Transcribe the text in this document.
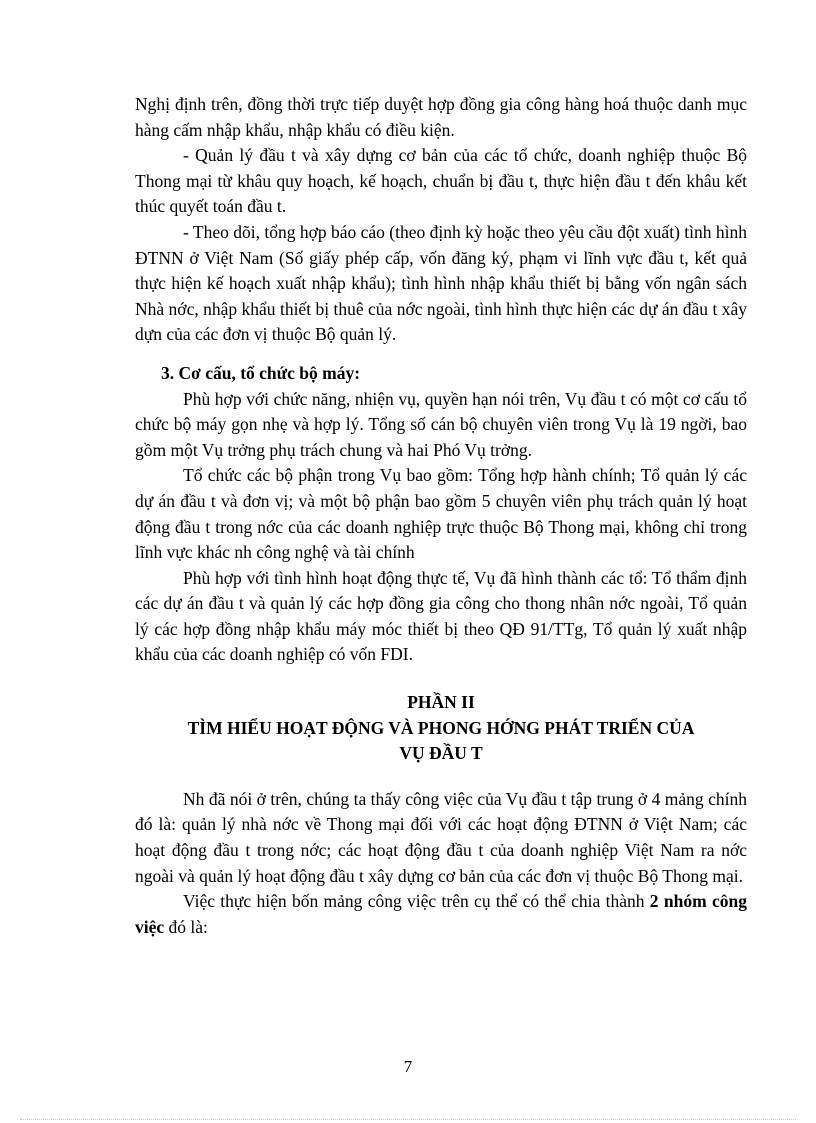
Nghị định trên, đồng thời trực tiếp duyệt hợp đồng gia công hàng hoá thuộc danh mục hàng cấm nhập khẩu, nhập khẩu có điều kiện.

- Quản lý đầu t và xây dựng cơ bản của các tổ chức, doanh nghiệp thuộc Bộ Thong mại từ khâu quy hoạch, kế hoạch, chuẩn bị đầu t, thực hiện đầu t đến khâu kết thúc quyết toán đầu t.

- Theo dõi, tổng hợp báo cáo (theo định kỳ hoặc theo yêu cầu đột xuất) tình hình ĐTNN ở Việt Nam (Số giấy phép cấp, vốn đăng ký, phạm vi lĩnh vực đầu t, kết quả thực hiện kế hoạch xuất nhập khẩu); tình hình nhập khẩu thiết bị bằng vốn ngân sách Nhà nớc, nhập khẩu thiết bị thuê của nớc ngoài, tình hình thực hiện các dự án đầu t xây dựn của các đơn vị thuộc Bộ quản lý.

3. Cơ cấu, tổ chức bộ máy:

Phù hợp với chức năng, nhiện vụ, quyền hạn nói trên, Vụ đầu t có một cơ cấu tổ chức bộ máy gọn nhẹ và hợp lý. Tổng số cán bộ chuyên viên trong Vụ là 19 ngời, bao gồm một Vụ trởng phụ trách chung và hai Phó Vụ trởng.

Tổ chức các bộ phận trong Vụ bao gồm: Tổng hợp hành chính; Tổ quản lý các dự án đầu t và đơn vị; và một bộ phận bao gồm 5 chuyên viên phụ trách quản lý hoạt động đầu t trong nớc của các doanh nghiệp trực thuộc Bộ Thong mại, không chỉ trong lĩnh vực khác nh công nghệ và tài chính

Phù hợp với tình hình hoạt động thực tế, Vụ đã hình thành các tổ: Tổ thẩm định các dự án đầu t và quản lý các hợp đồng gia công cho thong nhân nớc ngoài, Tổ quản lý các hợp đồng nhập khẩu máy móc thiết bị theo QĐ 91/TTg, Tổ quản lý xuất nhập khẩu của các doanh nghiệp có vốn FDI.

PHẦN II
TÌM HIỂU HOẠT ĐỘNG VÀ PHONG HỚNG PHÁT TRIỂN CỦA
VỤ ĐẦU T

Nh đã nói ở trên, chúng ta thấy công việc của Vụ đầu t tập trung ở 4 mảng chính đó là: quản lý nhà nớc về Thong mại đối với các hoạt động ĐTNN ở Việt Nam; các hoạt động đầu t trong nớc; các hoạt động đầu t của doanh nghiệp Việt Nam ra nớc ngoài và quản lý hoạt động đầu t xây dựng cơ bản của các đơn vị thuộc Bộ Thong mại.

Việc thực hiện bốn mảng công việc trên cụ thể có thể chia thành 2 nhóm công việc đó là:

7
